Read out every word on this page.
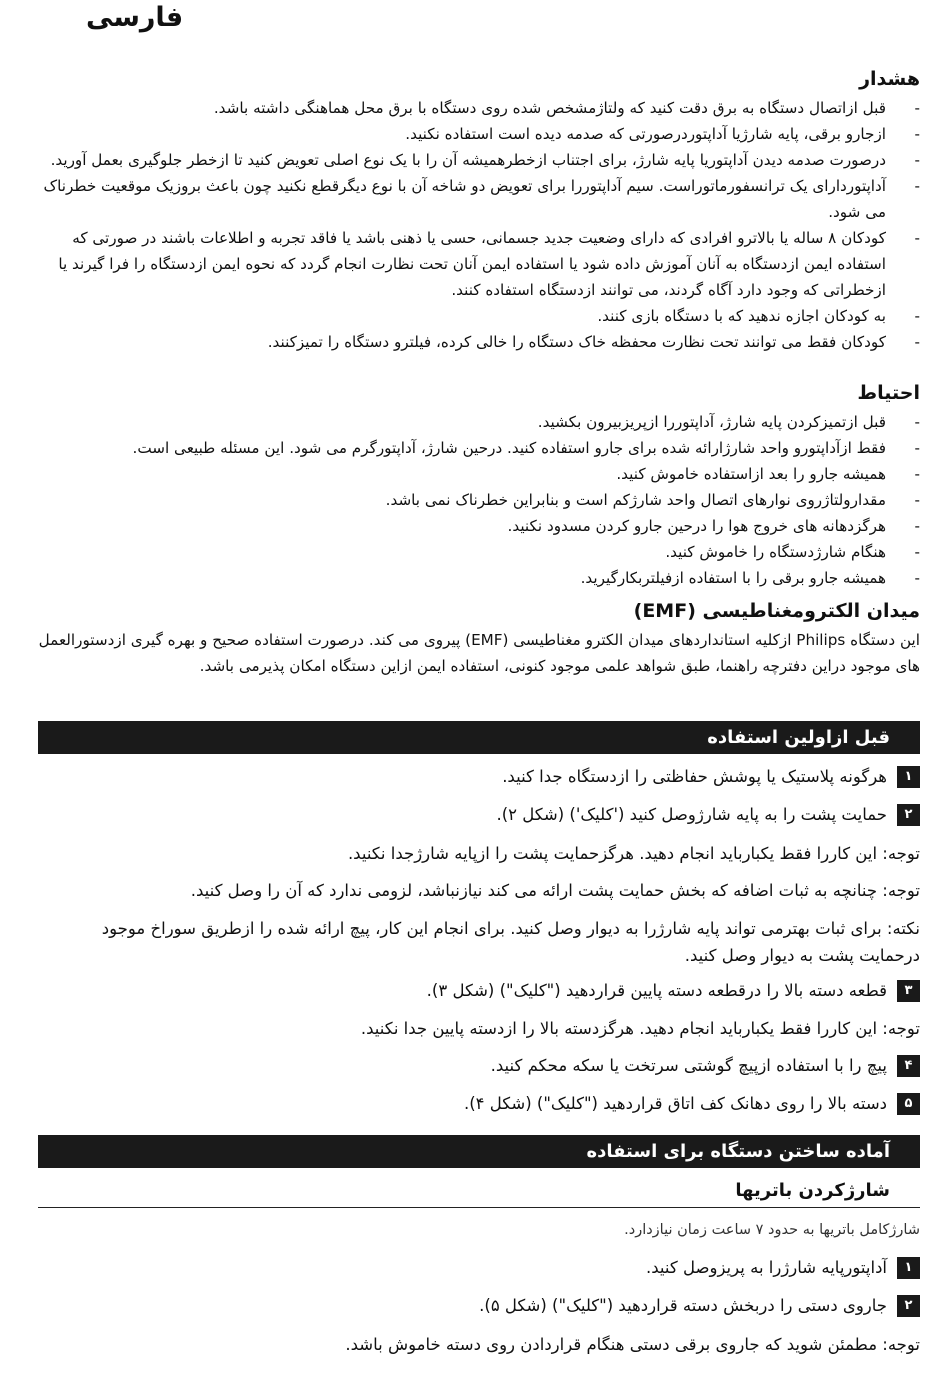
فارسی
هشدار
- قبل ازاتصال دستگاه به برق دقت کنید که ولتاژمشخص شده روی دستگاه با برق محل هماهنگی داشته باشد.
- ازجارو برقی، پایه شارژیا آداپتوردرصورتی که صدمه دیده است استفاده نکنید.
- درصورت صدمه دیدن آداپتوریا پایه شارژ، برای اجتناب ازخطرهمیشه آن را با یک نوع اصلی تعویض کنید تا ازخطر جلوگیری بعمل آورید.
- آداپتوردارای یک ترانسفورماتوراست. سیم آداپتوررا برای تعویض دو شاخه آن با نوع دیگرقطع نکنید چون باعث بروزیک موقعیت خطرناک می شود.
- کودکان ۸ ساله یا بالاترو افرادی که دارای وضعیت جدید جسمانی، حسی یا ذهنی باشد یا فاقد تجربه و اطلاعات باشند در صورتی که استفاده ایمن ازدستگاه به آنان آموزش داده شود یا استفاده ایمن آنان تحت نظارت انجام گردد که نحوه ایمن ازدستگاه را فرا گیرند یا ازخطراتی که وجود دارد آگاه گردند، می توانند ازدستگاه استفاده کنند.
- به کودکان اجازه ندهید که با دستگاه بازی کنند.
- کودکان فقط می توانند تحت نظارت محفظه خاک دستگاه را خالی کرده، فیلترو دستگاه را تمیزکنند.
احتیاط
- قبل ازتمیزکردن پایه شارژ، آداپتوررا ازپریزبیرون بکشید.
- فقط ازآداپتورو واحد شارژارائه شده برای جارو استفاده کنید. درحین شارژ، آداپتورگرم می شود. این مسئله طبیعی است.
- همیشه جارو را بعد ازاستفاده خاموش کنید.
- مقدارولتاژروی نوارهای اتصال واحد شارژکم است و بنابراین خطرناک نمی باشد.
- هرگزدهانه های خروج هوا را درحین جارو کردن مسدود نکنید.
- هنگام شارژدستگاه را خاموش کنید.
- همیشه جارو برقی را با استفاده ازفیلتربکارگیرید.
میدان الکترومغناطیسی (EMF)

این دستگاه Philips ازکلیه استانداردهای میدان الکترو مغناطیسی (EMF) پیروی می کند. درصورت استفاده صحیح و بهره گیری ازدستورالعمل های موجود دراین دفترچه راهنما، طبق شواهد علمی موجود کنونی، استفاده ایمن ازاین دستگاه امکان پذیرمی باشد.

قبل ازاولین استفاده
۱
هرگونه پلاستیک یا پوشش حفاظتی را ازدستگاه جدا کنید.
۲
حمایت پشت را به پایه شارژوصل کنید ('کلیک') (شکل ۲).
توجه: این کاررا فقط یکبارباید انجام دهید. هرگزحمایت پشت را ازپایه شارژجدا نکنید.
توجه: چنانچه به ثبات اضافه که بخش حمایت پشت ارائه می کند نیازنباشد، لزومی ندارد که آن را وصل کنید.
نکته: برای ثبات بهترمی تواند پایه شارژرا به دیوار وصل کنید. برای انجام این کار، پیچ ارائه شده را ازطریق سوراخ موجود درحمایت پشت به دیوار وصل کنید.
۳
قطعه دسته بالا را درقطعه دسته پایین قراردهید ("کلیک") (شکل ۳).
توجه: این کاررا فقط یکبارباید انجام دهید. هرگزدسته بالا را ازدسته پایین جدا نکنید.
۴
پیچ را با استفاده ازپیچ گوشتی سرتخت یا سکه محکم کنید.
۵
دسته بالا را روی دهانک کف اتاق قراردهید ("کلیک") (شکل ۴).
آماده ساختن دستگاه برای استفاده
شارژکردن باتریها
شارژکامل باتریها به حدود ۷ ساعت زمان نیازدارد.
۱
آداپتورپایه شارژرا به پریزوصل کنید.
۲
جاروی دستی را دربخش دسته قراردهید ("کلیک") (شکل ۵).
توجه: مطمئن شوید که جاروی برقی دستی هنگام قراردادن روی دسته خاموش باشد.
